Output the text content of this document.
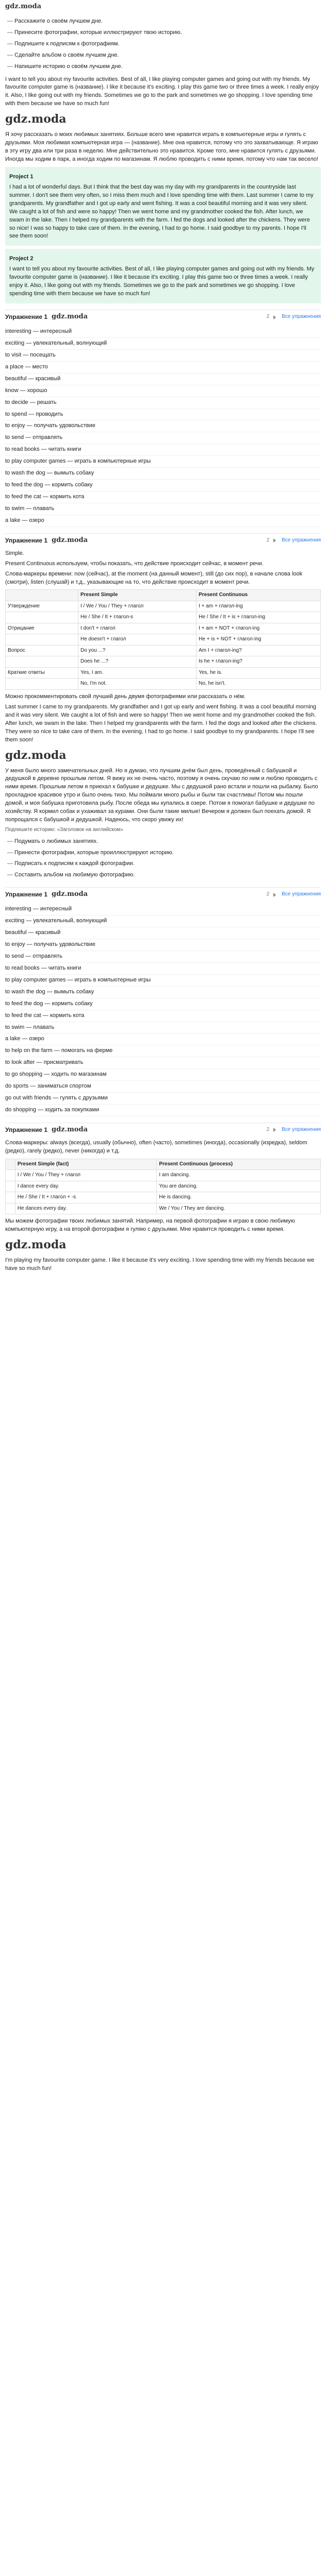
gdz.moda
— Расскажите о своём лучшем дне.
— Принесите фотографии, которые иллюстрируют твою историю.
— Подпишите к подписям к фотографиям.
— Сделайте альбом о своём лучшем дне.
— Напишите историю о своём лучшем дне.

I want to tell you about my favourite activities. Best of all, I like playing computer games and going out with my friends. My favourite computer game is (название). I like it because it's exciting. I play this game two or three times a week. I really enjoy it. Also, I like going out with my friends. Sometimes we go to the park and sometimes we go shopping. I love spending time with them because we have so much fun!

gdz.moda

Я хочу рассказать о моих любимых занятиях. Больше всего мне нравится играть в компьютерные игры и гулять с друзьями. Моя любимая компьютерная игра — (название). Мне она нравится, потому что это захватывающе. Я играю в эту игру два или три раза в неделю. Мне действительно это нравится. Кроме того, мне нравится гулять с друзьями. Иногда мы ходим в парк, а иногда ходим по магазинам. Я люблю проводить с ними время, потому что нам так весело!

Project 1

I had a lot of wonderful days. But I think that the best day was my day with my grandparents in the countryside last summer. I don't see them very often, so I miss them much and I love spending time with them. Last summer I came to my grandparents. My grandfather and I got up early and went fishing. It was a cool beautiful morning and it was very silent. We caught a lot of fish and were so happy! Then we went home and my grandmother cooked the fish. After lunch, we swam in the lake. Then I helped my grandparents with the farm. I fed the dogs and looked after the chickens. They were so nice! I was so happy to take care of them. In the evening, I had to go home. I said goodbye to my parents. I hope I'll see them soon!

Project 2

I want to tell you about my favourite activities. Best of all, I like playing computer games and going out with my friends. My favourite computer game is (название). I like it because it's exciting. I play this game two or three times a week. I really enjoy it. Also, I like going out with my friends. Sometimes we go to the park and sometimes we go shopping. I love spending time with them because we have so much fun!

Упражнение 1 gdz.moda	2 Все упражнения
interesting — интересный
exciting — увлекательный, волнующий
to visit — посещать
a place — место
beautiful — красивый
know — хорошо
to decide — решать
to spend — проводить
to enjoy — получать удовольствие
to send — отправлять
to read books — читать книги
to play computer games — играть в компьютерные игры
to wash the dog — вымыть собаку
to feed the dog — кормить собаку
to feed the cat — кормить кота
to swim — плавать
a lake — озеро
Упражнение 1 gdz.moda	2 Все упражнения

Simple.

Present Continuous используем, чтобы показать, что действие происходит сейчас, в момент речи.

Слова-маркеры времени: now (сейчас), at the moment (на данный момент), still (до сих пор), в начале слова look (смотри), listen (слушай) и т.д., указывающие на то, что действие происходит в момент речи.

	Present Simple	Present Continuous
Утверждение	I / We / You / They + глагол	I + am + глагол-ing
	He / She / It + глагол-s	He / She / It + is + глагол-ing
Отрицание	I don't + глагол	I + am + NOT + глагол-ing
	He doesn't + глагол	He + is + NOT + глагол-ing
Вопрос	Do you ...?	Am I + глагол-ing?
	Does he ...?	Is he + глагол-ing?
Краткие ответы	Yes, I am.	Yes, he is.
	No, I'm not.	No, he isn't.

Можно прокомментировать свой лучший день двумя фотографиями или рассказать о нём.

Last summer I came to my grandparents. My grandfather and I got up early and went fishing. It was a cool beautiful morning and it was very silent. We caught a lot of fish and were so happy! Then we went home and my grandmother cooked the fish. After lunch, we swam in the lake. Then I helped my grandparents with the farm. I fed the dogs and looked after the chickens. They were so nice to take care of them. In the evening, I had to go home. I said goodbye to my grandparents. I hope I'll see them soon!

gdz.moda

У меня было много замечательных дней. Но я думаю, что лучшим днём был день, проведённый с бабушкой и дедушкой в деревне прошлым летом. Я вижу их не очень часто, поэтому я очень скучаю по ним и люблю проводить с ними время. Прошлым летом я приехал к бабушке и дедушке. Мы с дедушкой рано встали и пошли на рыбалку. Было прохладное красивое утро и было очень тихо. Мы поймали много рыбы и были так счастливы! Потом мы пошли домой, и моя бабушка приготовила рыбу. После обеда мы купались в озере. Потом я помогал бабушке и дедушке по хозяйству. Я кормил собак и ухаживал за курами. Они были такие милые! Вечером я должен был поехать домой. Я попрощался с бабушкой и дедушкой. Надеюсь, что скоро увижу их!

Подпишите историю: «Заголовок на английском»

— Подумать о любимых занятиях.
— Принести фотографии, которые проиллюстрируют историю.
— Подписать к подписям к каждой фотографии.
— Составить альбом на любимую фотографию.
Упражнение 1 gdz.moda	2 Все упражнения
interesting — интересный
exciting — увлекательный, волнующий
beautiful — красивый
to enjoy — получать удовольствие
to send — отправлять
to read books — читать книги
to play computer games — играть в компьютерные игры
to wash the dog — вымыть собаку
to feed the dog — кормить собаку
to feed the cat — кормить кота
to swim — плавать
a lake — озеро
to help on the farm — помогать на ферме
to look after — присматривать
to go shopping — ходить по магазинам
do sports — заниматься спортом
go out with friends — гулять с друзьями
do shopping — ходить за покупками
Упражнение 1 gdz.moda	2 Все упражнения

Слова-маркеры: always (всегда), usually (обычно), often (часто), sometimes (иногда), occasionally (изредка), seldom (редко), rarely (редко), never (никогда) и т.д.

	Present Simple (fact)	Present Continuous (process)
	I / We / You / They + глагол	I am dancing.
	I dance every day.	You are dancing.
	He / She / It + глагол + -s	He is dancing.
	He dances every day.	We / You / They are dancing.

Мы можем фотографии твоих любимых занятий. Например, на первой фотографии я играю в свою любимую компьютерную игру, а на второй фотографии я гуляю с друзьями. Мне нравится проводить с ними время.

gdz.moda

I'm playing my favourite computer game. I like it because it's very exciting. I love spending time with my friends because we have so much fun!
